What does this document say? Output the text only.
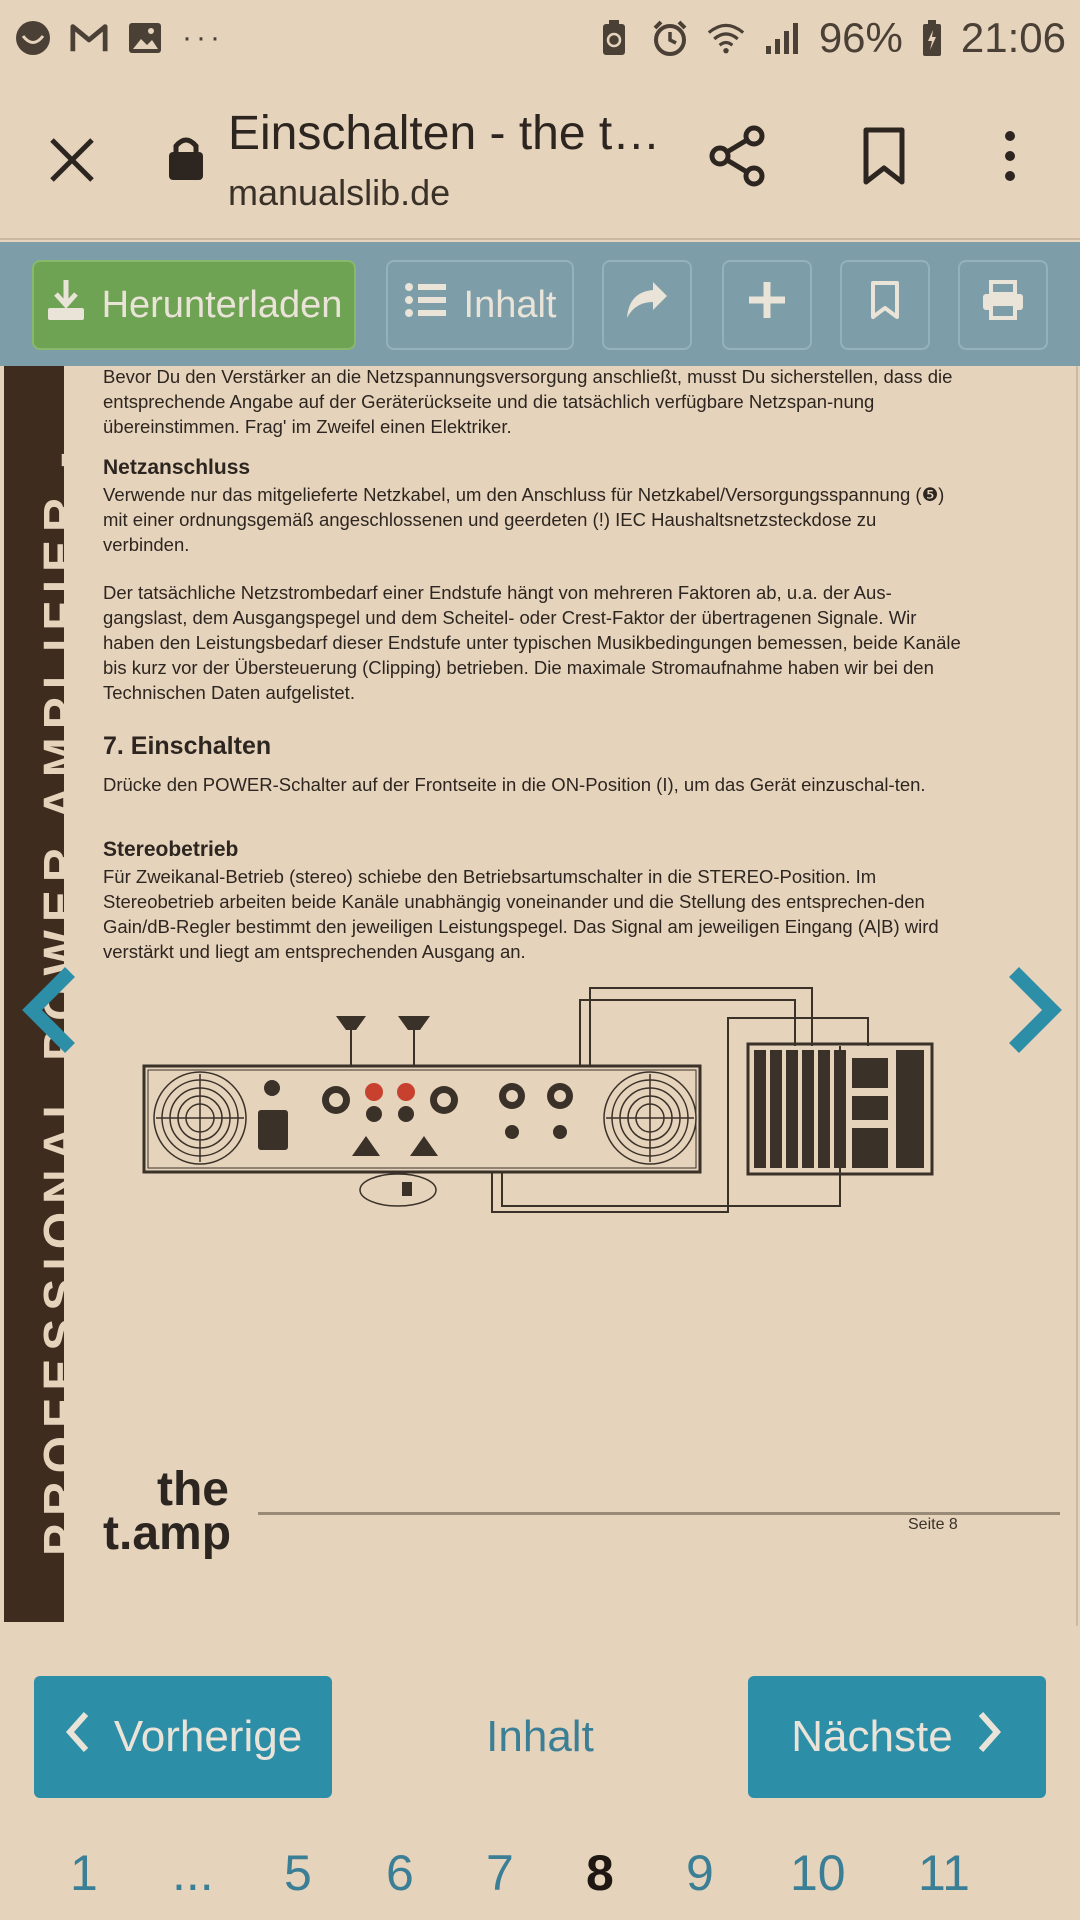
···	96% 21:06
Einschalten - the t…
manualslib.de
Herunterladen	Inhalt
PROFESSIONAL POWER AMPLIFIER -
Bevor Du den Verstärker an die Netzspannungsversorgung anschließt, musst Du sicherstellen, dass die entsprechende Angabe auf der Geräterückseite und die tatsächlich verfügbare Netzspan-nung übereinstimmen. Frag' im Zweifel einen Elektriker.
Netzanschluss
Verwende nur das mitgelieferte Netzkabel, um den Anschluss für Netzkabel/Versorgungsspannung (❺) mit einer ordnungsgemäß angeschlossenen und geerdeten (!) IEC Haushaltsnetzsteckdose zu verbinden.
Der tatsächliche Netzstrombedarf einer Endstufe hängt von mehreren Faktoren ab, u.a. der Aus-gangslast, dem Ausgangspegel und dem Scheitel- oder Crest-Faktor der übertragenen Signale. Wir haben den Leistungsbedarf dieser Endstufe unter typischen Musikbedingungen bemessen, beide Kanäle bis kurz vor der Übersteuerung (Clipping) betrieben. Die maximale Stromaufnahme haben wir bei den Technischen Daten aufgelistet.
7. Einschalten
Drücke den POWER-Schalter auf der Frontseite in die ON-Position (I), um das Gerät einzuschal-ten.
Stereobetrieb
Für Zweikanal-Betrieb (stereo) schiebe den Betriebsartumschalter in die STEREO-Position. Im Stereobetrieb arbeiten beide Kanäle unabhängig voneinander und die Stellung des entsprechen-den Gain/dB-Regler bestimmt den jeweiligen Leistungspegel. Das Signal am jeweiligen Eingang (A|B) wird verstärkt und liegt am entsprechenden Ausgang an.
the
t.amp	Seite 8
Vorherige	Inhalt	Nächste
1 ... 5 6 7 8 9 10 11
